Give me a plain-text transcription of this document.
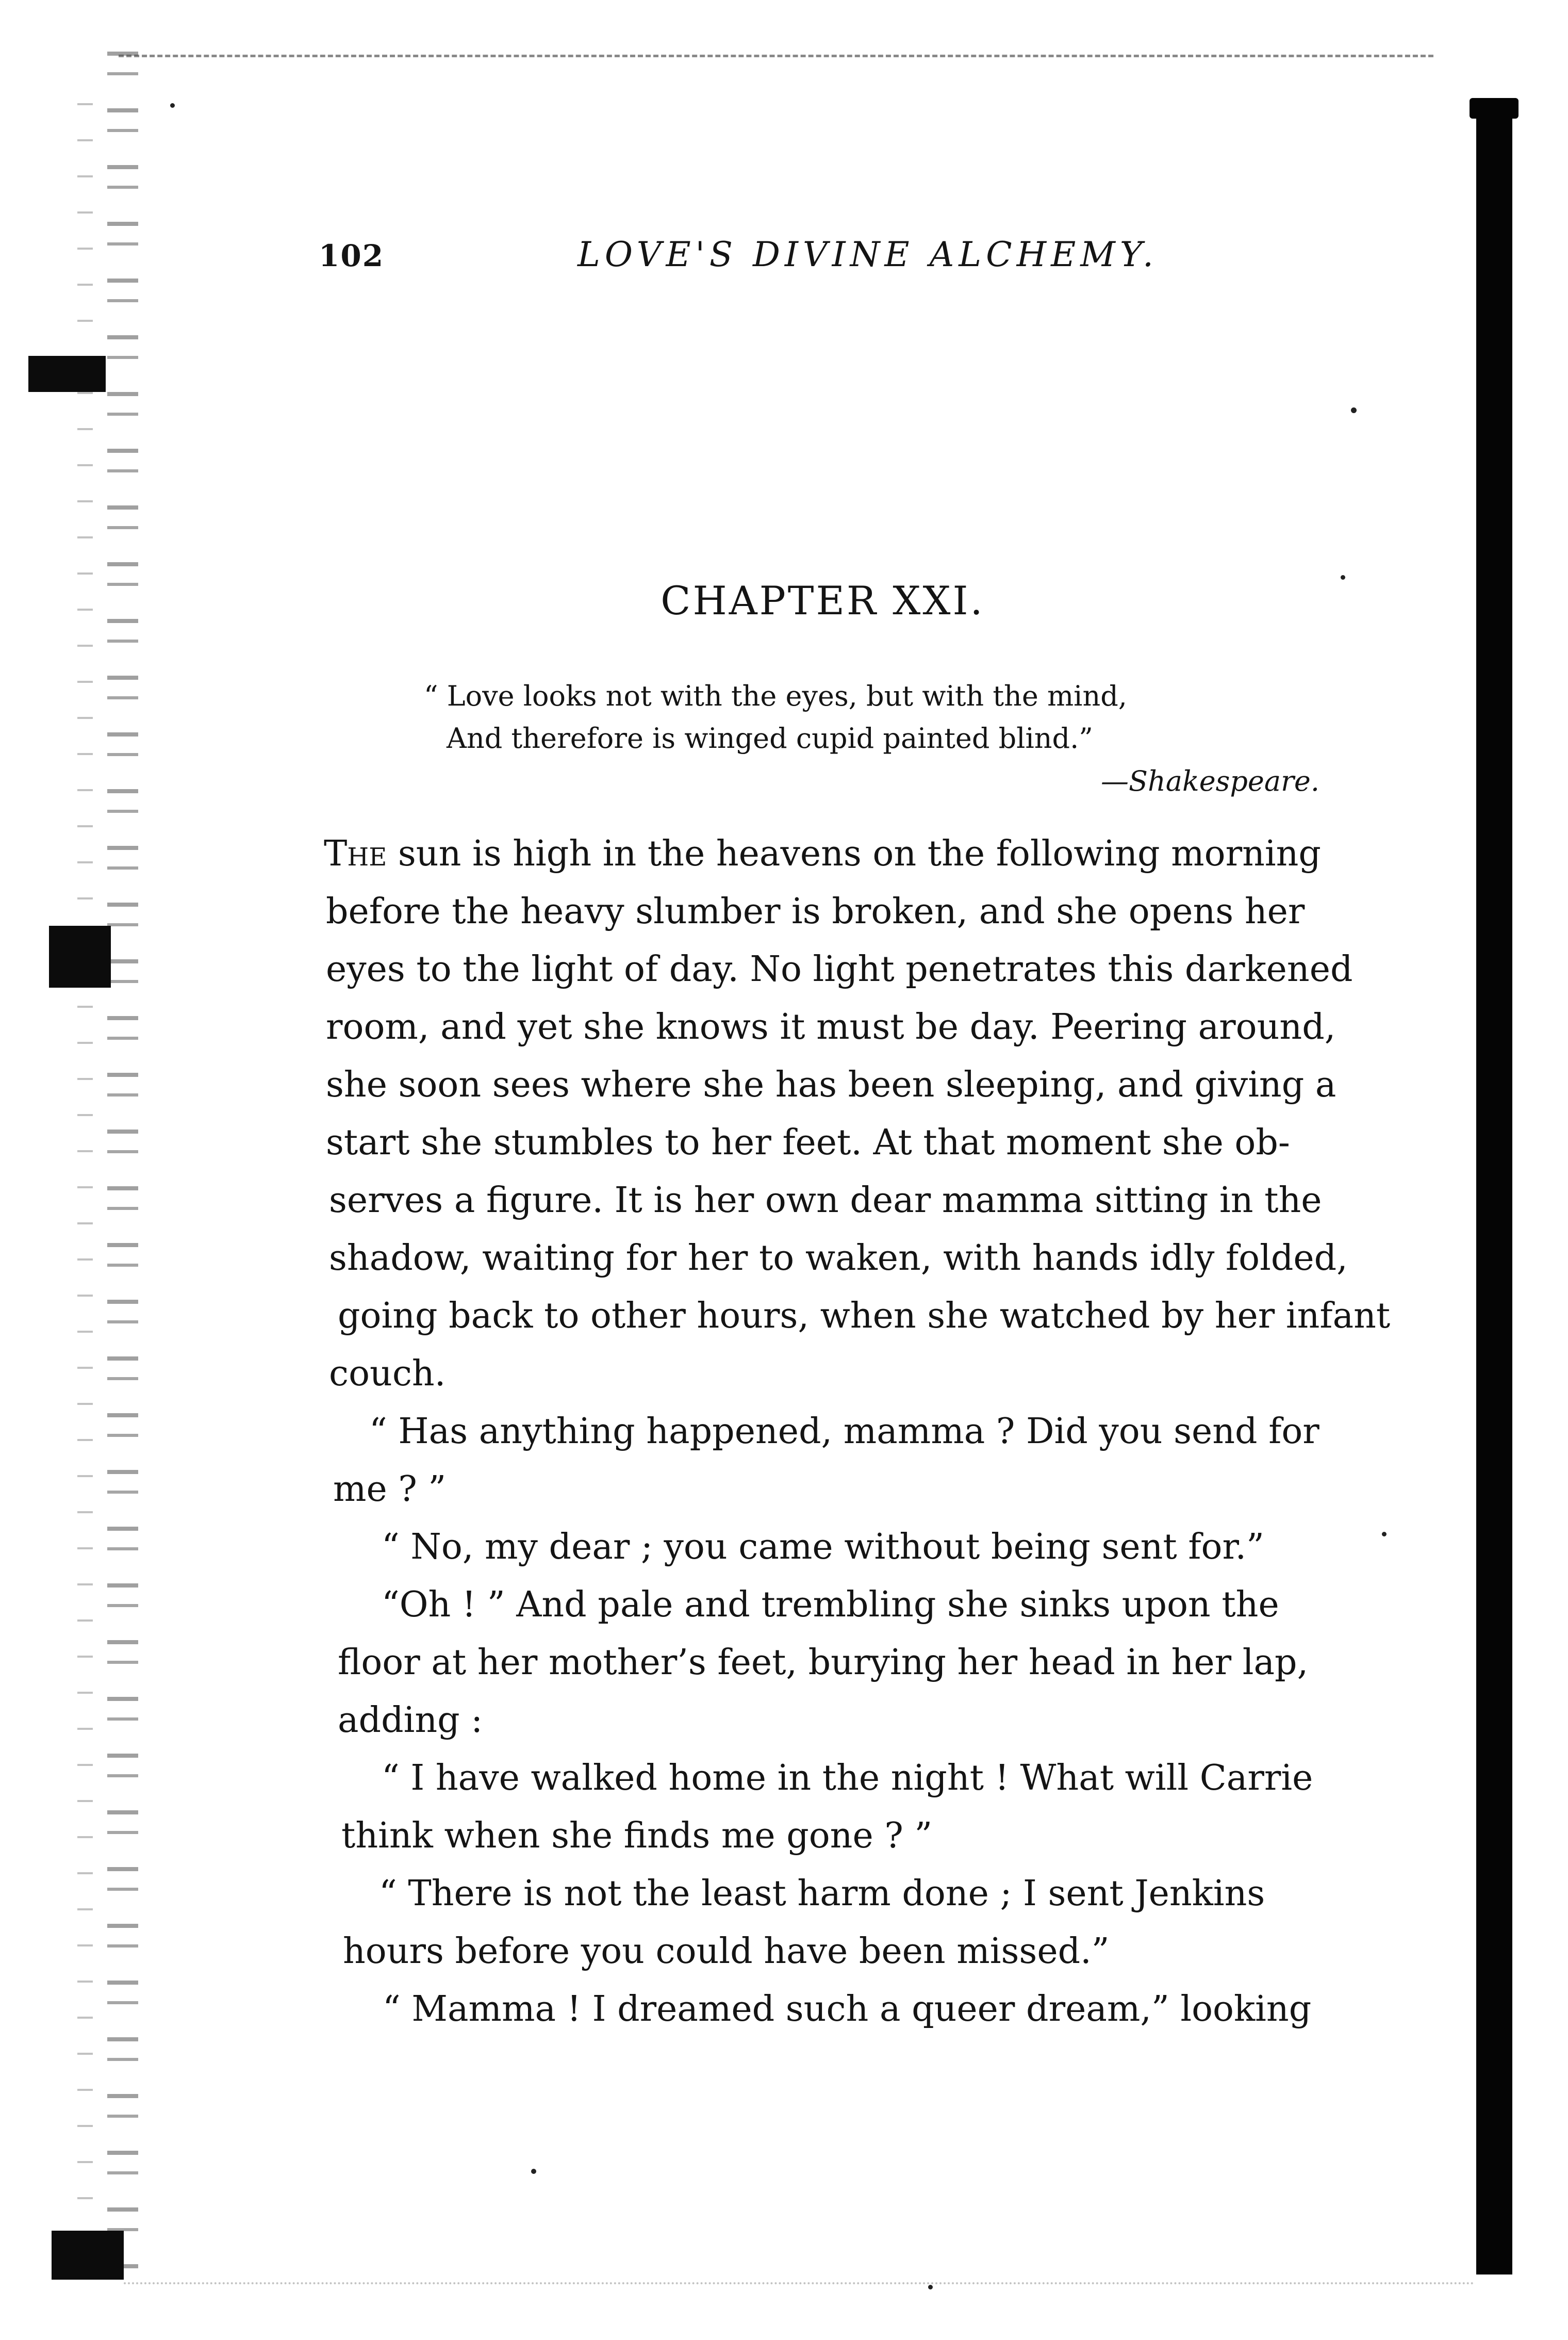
102	LOVE'S DIVINE ALCHEMY.
CHAPTER XXI.
“ Love looks not with the eyes, but with the mind,
And therefore is winged cupid painted blind.”
—Shakespeare.
The sun is high in the heavens on the following morning
before the heavy slumber is broken, and she opens her
eyes to the light of day. No light penetrates this darkened
room, and yet she knows it must be day. Peering around,
she soon sees where she has been sleeping, and giving a
start she stumbles to her feet. At that moment she ob-
serves a figure. It is her own dear mamma sitting in the
shadow, waiting for her to waken, with hands idly folded,
going back to other hours, when she watched by her infant
couch.
“ Has anything happened, mamma ? Did you send for
me ? ”
“ No, my dear ; you came without being sent for.”
“Oh ! ” And pale and trembling she sinks upon the
floor at her mother’s feet, burying her head in her lap,
adding :
“ I have walked home in the night ! What will Carrie
think when she finds me gone ? ”
“ There is not the least harm done ; I sent Jenkins
hours before you could have been missed.”
“ Mamma ! I dreamed such a queer dream,” looking
